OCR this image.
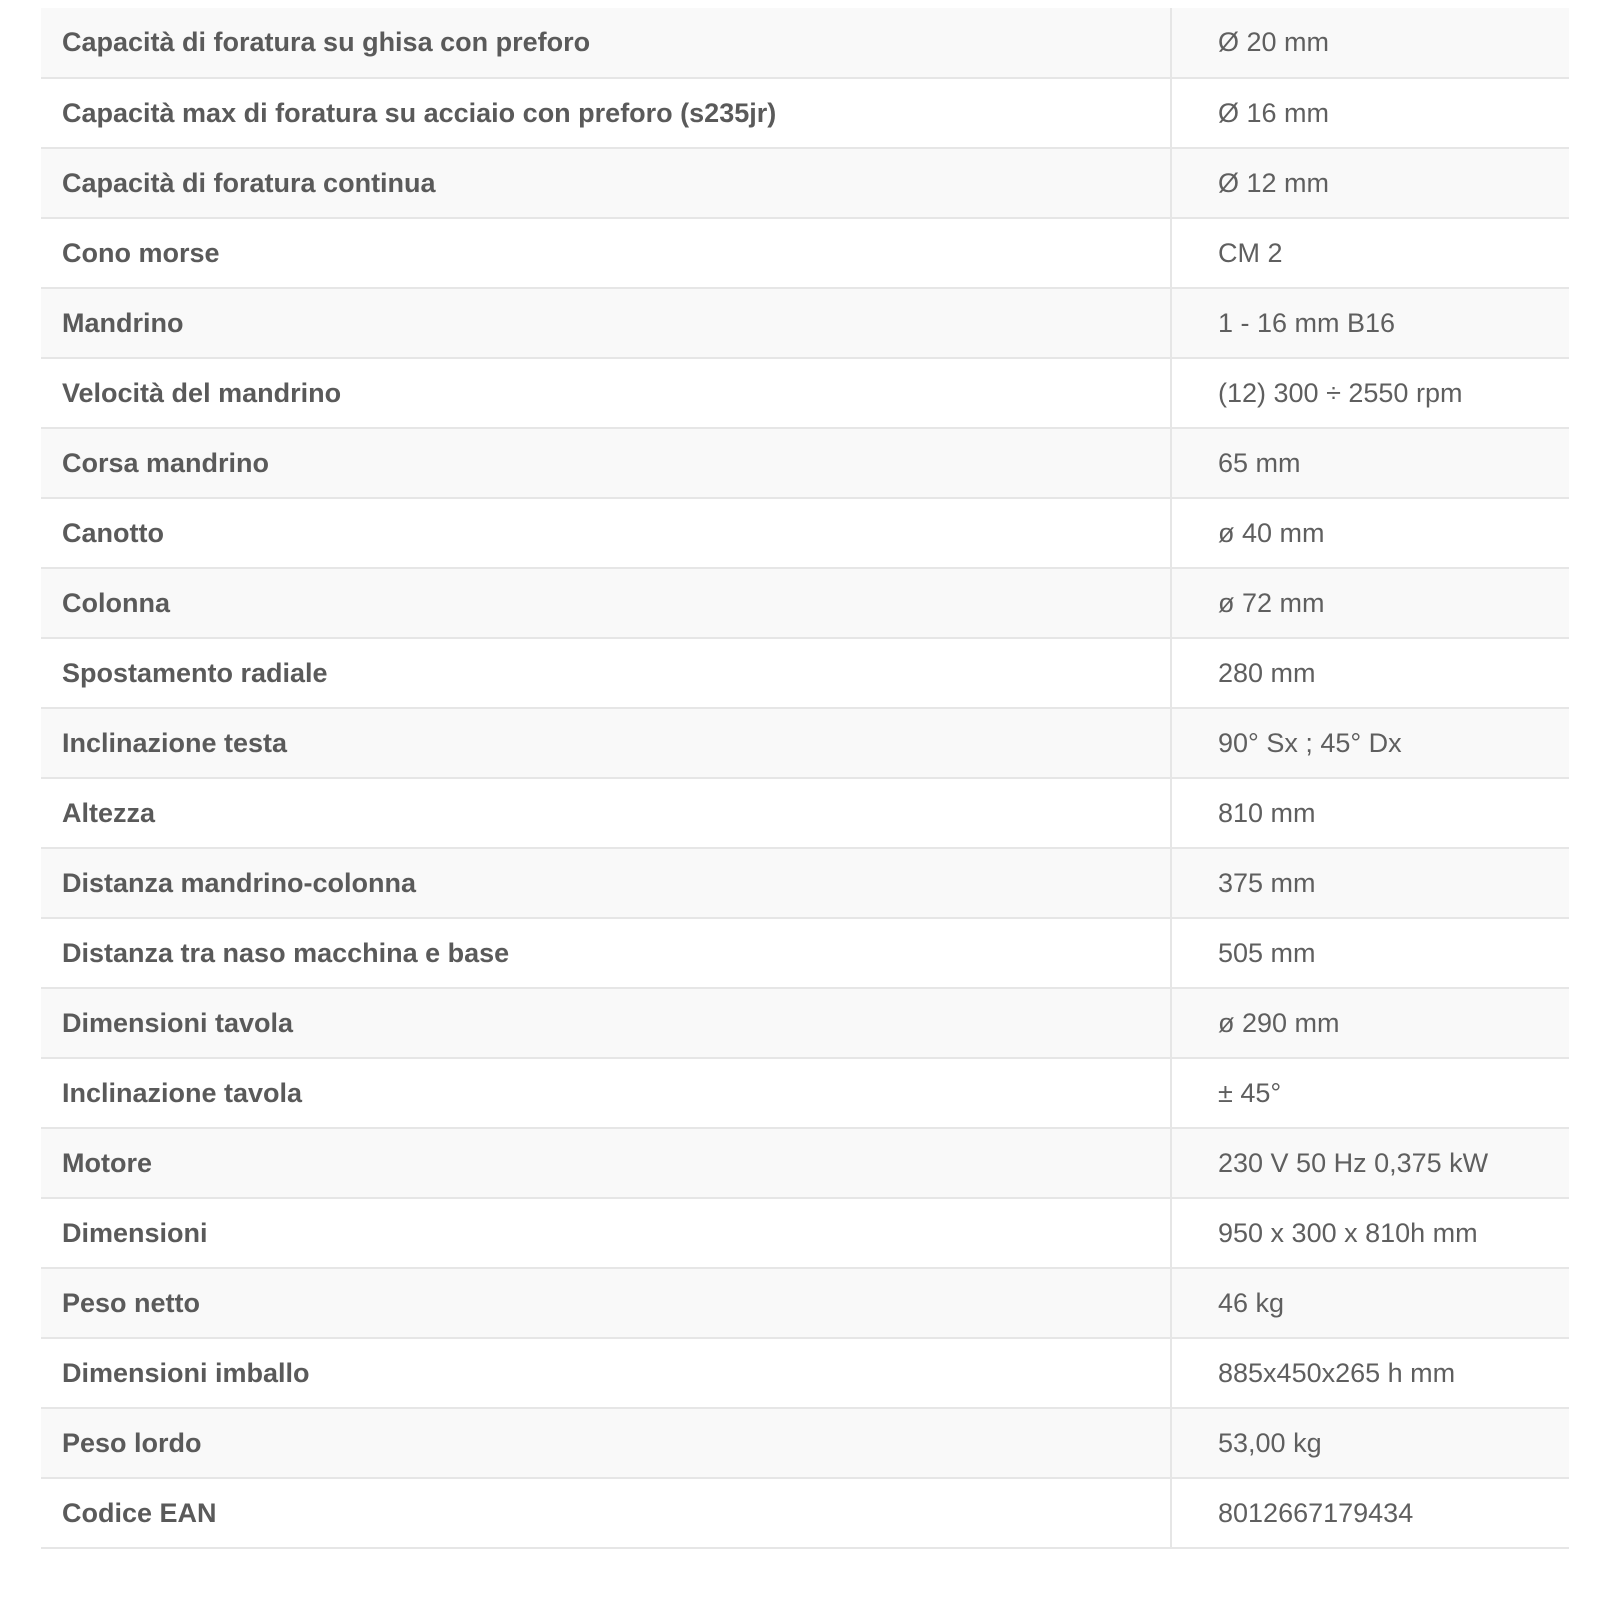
Capacità di foratura su ghisa con preforo	Ø 20 mm
Capacità max di foratura su acciaio con preforo (s235jr)	Ø 16 mm
Capacità di foratura continua	Ø 12 mm
Cono morse	CM 2
Mandrino	1 - 16 mm B16
Velocità del mandrino	(12) 300 ÷ 2550 rpm
Corsa mandrino	65 mm
Canotto	ø 40 mm
Colonna	ø 72 mm
Spostamento radiale	280 mm
Inclinazione testa	90° Sx ; 45° Dx
Altezza	810 mm
Distanza mandrino-colonna	375 mm
Distanza tra naso macchina e base	505 mm
Dimensioni tavola	ø 290 mm
Inclinazione tavola	± 45°
Motore	230 V 50 Hz 0,375 kW
Dimensioni	950 x 300 x 810h mm
Peso netto	46 kg
Dimensioni imballo	885x450x265 h mm
Peso lordo	53,00 kg
Codice EAN	8012667179434
